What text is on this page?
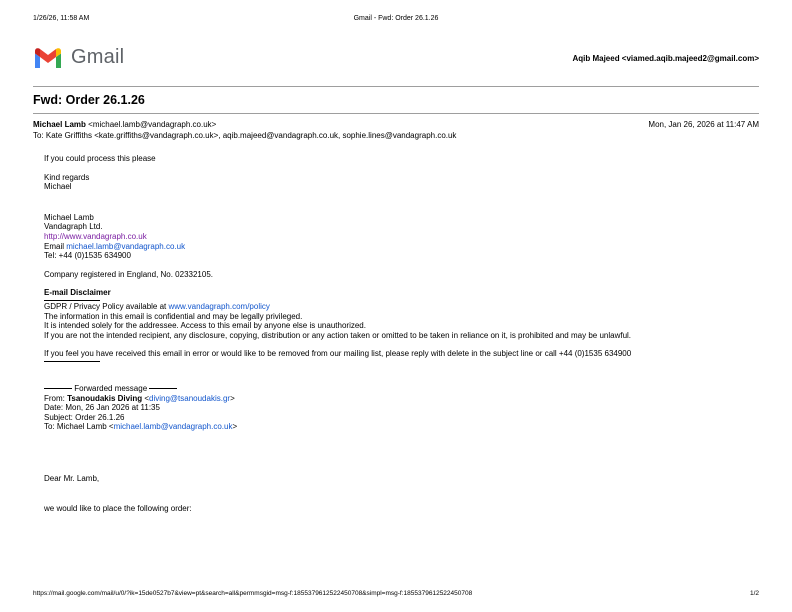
1/26/26, 11:58 AM	Gmail - Fwd: Order 26.1.26
Gmail	Aqib Majeed <viamed.aqib.majeed2@gmail.com>
Fwd: Order 26.1.26
Michael Lamb <michael.lamb@vandagraph.co.uk>	Mon, Jan 26, 2026 at 11:47 AM
To: Kate Griffiths <kate.griffiths@vandagraph.co.uk>, aqib.majeed@vandagraph.co.uk, sophie.lines@vandagraph.co.uk

If you could process this please

Kind regards

Michael

Michael Lamb

Vandagraph Ltd.

http://www.vandagraph.co.uk

Email michael.lamb@vandagraph.co.uk

Tel: +44 (0)1535 634900

Company registered in England, No. 02332105.

E-mail Disclaimer

GDPR / Privacy Policy available at www.vandagraph.com/policy

The information in this email is confidential and may be legally privileged.

It is intended solely for the addressee. Access to this email by anyone else is unauthorized.

If you are not the intended recipient, any disclosure, copying, distribution or any action taken or omitted to be taken in reliance on it, is prohibited and may be unlawful.

If you feel you have received this email in error or would like to be removed from our mailing list, please reply with delete in the subject line or call +44 (0)1535 634900

Forwarded message

From: Tsanoudakis Diving <diving@tsanoudakis.gr>

Date: Mon, 26 Jan 2026 at 11:35

Subject: Order 26.1.26

To: Michael Lamb <michael.lamb@vandagraph.co.uk>

Dear Mr. Lamb,

we would like to place the following order:

https://mail.google.com/mail/u/0/?ik=15de0527b7&view=pt&search=all&permmsgid=msg-f:1855379612522450708&simpl=msg-f:1855379612522450708	1/2
